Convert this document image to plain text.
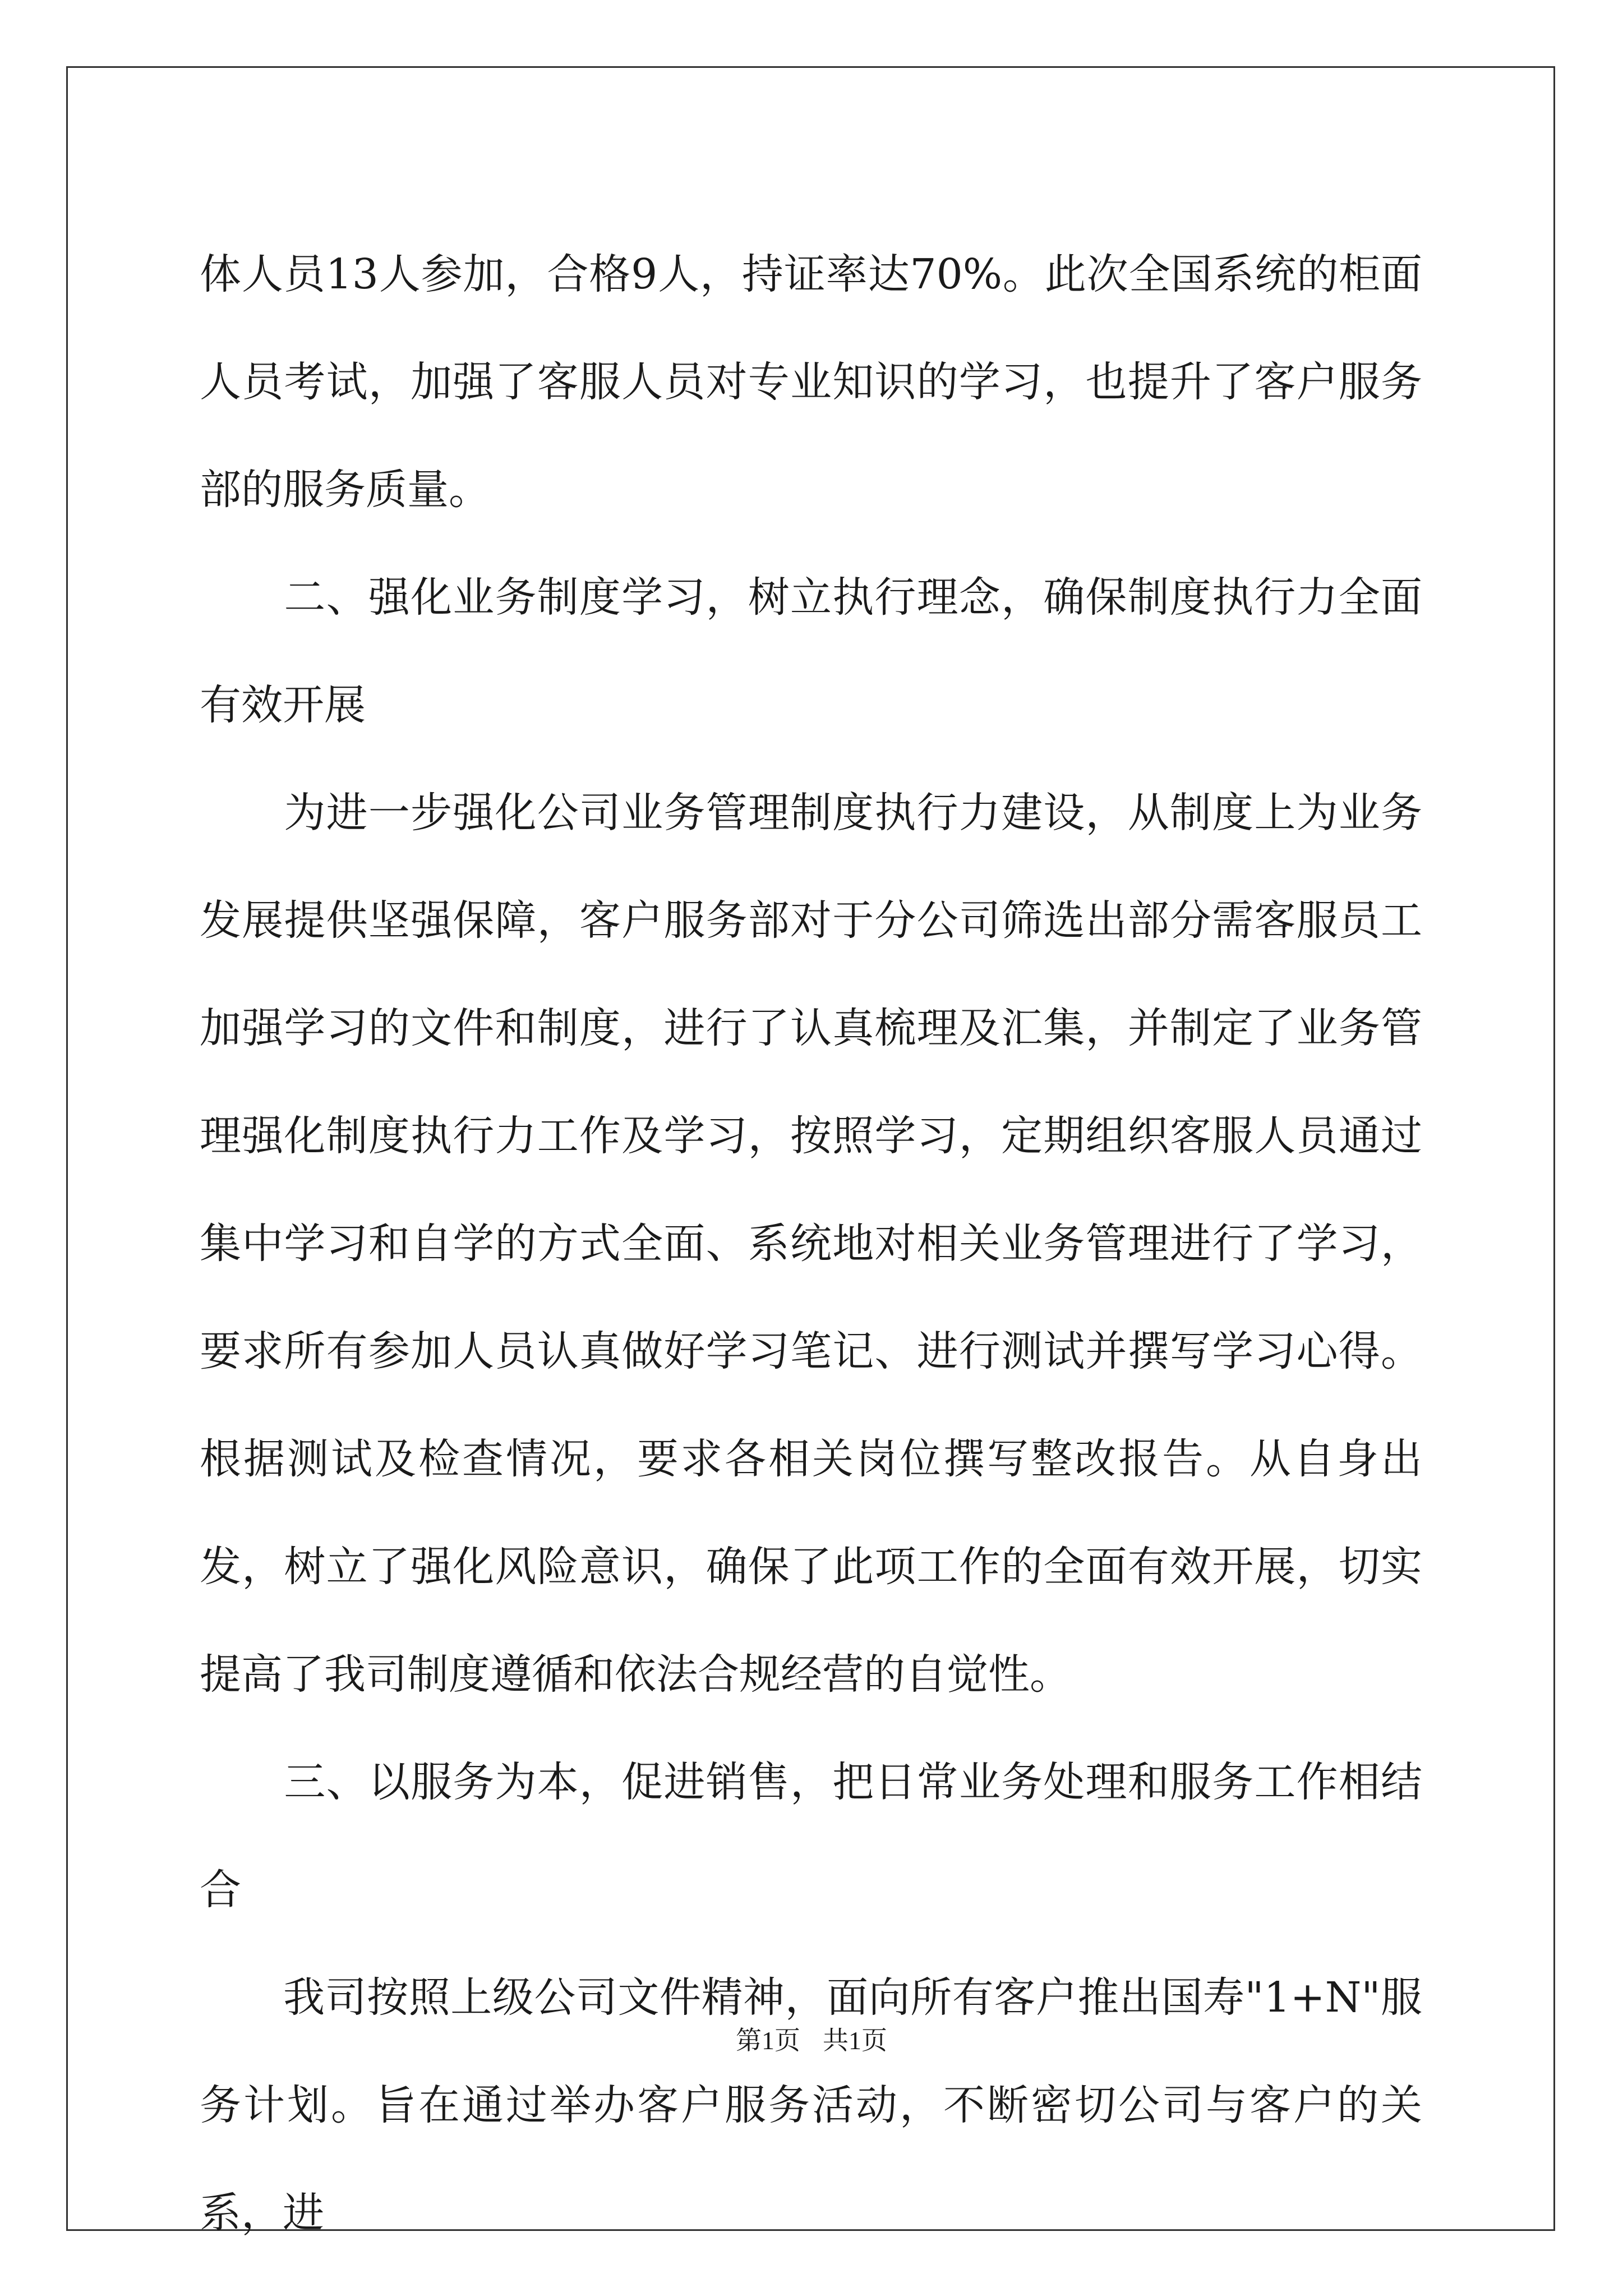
体人员13人参加，合格9人，持证率达70%。此次全国系统的柜面人员考试，加强了客服人员对专业知识的学习，也提升了客户服务部的服务质量。

　　二、强化业务制度学习，树立执行理念，确保制度执行力全面有效开展

　　为进一步强化公司业务管理制度执行力建设，从制度上为业务发展提供坚强保障，客户服务部对于分公司筛选出部分需客服员工加强学习的文件和制度，进行了认真梳理及汇集，并制定了业务管理强化制度执行力工作及学习，按照学习，定期组织客服人员通过集中学习和自学的方式全面、系统地对相关业务管理进行了学习，要求所有参加人员认真做好学习笔记、进行测试并撰写学习心得。根据测试及检查情况，要求各相关岗位撰写整改报告。从自身出发，树立了强化风险意识，确保了此项工作的全面有效开展，切实提高了我司制度遵循和依法合规经营的自觉性。

　　三、以服务为本，促进销售，把日常业务处理和服务工作相结合

　　我司按照上级公司文件精神，面向所有客户推出国寿"1+N"服务计划。旨在通过举办客户服务活动，不断密切公司与客户的关系，进

第1页 共1页
